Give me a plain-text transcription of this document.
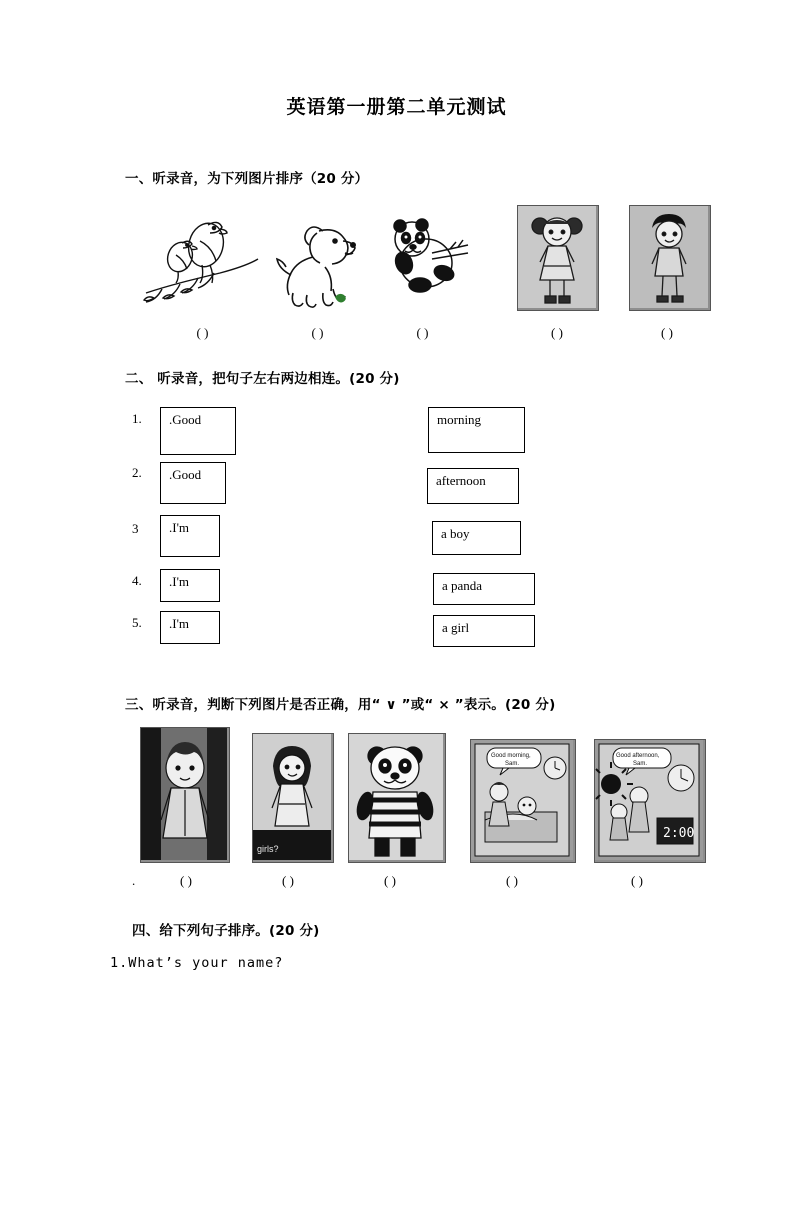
英语第一册第二单元测试
一、听录音，为下列图片排序（20 分）
( )	( )	( )	( )	( )
二、 听录音，把句子左右两边相连。(20 分)
1.	.Good	morning
2.	.Good	afternoon
3	.I'm	a boy
4.	.I'm	a panda
5.	.I'm	a girl
三、听录音，判断下列图片是否正确，用“ ∨ ”或“ × ”表示。(20 分)
girls?
Good morning,
Sam.
Good afternoon,
Sam.
2:00
.	( )	( )	( )	( )	( )
四、给下列句子排序。(20 分)
1.What’s your name?
